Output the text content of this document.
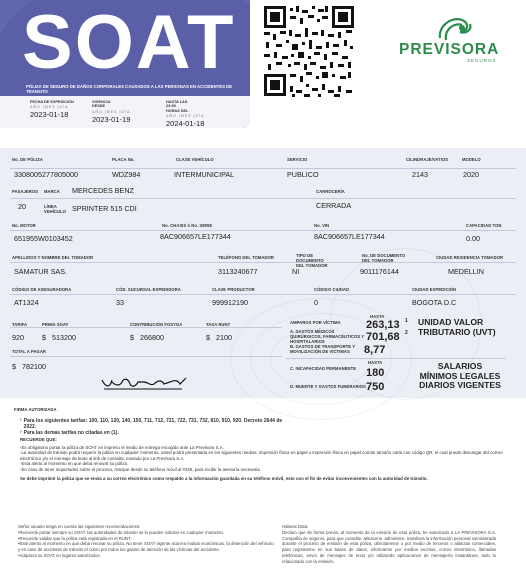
SOAT
PÓLIZA DE SEGURO DE DAÑOS CORPORALES CAUSADOS A LAS PERSONAS EN ACCIDENTES DE TRÁNSITO
FECHA DE EXPEDICIÓN
AÑO |MES |DÍA
2023-01-18
VIGENCIA DESDE
AÑO |MES |DÍA
2023-01-19
HASTA LAS 23:59 HORAS DEL
AÑO |MES |DÍA
2024-01-18
PREVISORA
SEGUROS
No. DE PÓLIZA
3308005277805000
PLACA No.
WDZ984
CLASE VEHÍCULO
INTERMUNICIPAL
SERVICIO
PUBLICO
CILINDRAJE/VATIOS
2143
MODELO
2020
PASAJEROS
20
MARCA MERCEDES BENZ
LÍNEA VEHÍCULO SPRINTER 515 CDI
CARROCERÍA
CERRADA
No. MOTOR
651955W0103452
No. CHASIS ó No. SERIE
8AC906657LE177344
No. VIN
8AC906657LE177344
CAPACIDAD TON
0.00
APELLIDOS Y NOMBRE DEL TOMADOR
SAMATUR SAS.
TELÉFONO DEL TOMADOR
3113240677
TIPO DE DOCUMENTO DEL TOMADOR
NI
No. DE DOCUMENTO DEL TOMADOR
9011176144
CIUDAD RESIDENCIA TOMADOR
MEDELLIN
CÓDIGO DE ASEGURADORA
AT1324
CÓD. SUCURSAL EXPEDIDORA
33
CLAVE PRODUCTOR
999912190
CÓDIGO CIUDAD
0
CIUDAD EXPEDICIÓN
BOGOTA D.C
TARIFA
920
PRIMA SOAT
$ 513200
CONTRIBUCIÓN FOSYGA
$ 266800
TASA RUNT
$ 2100
TOTAL A PAGAR
$ 782100
FIRMA AUTORIZADA
AMPAROS POR VÍCTIMA
HASTA
A. GASTOS MÉDICOS QUIRÚRGICOS, FARMACÉUTICOS Y HOSPITALARIOS
B. GASTOS DE TRANSPORTE Y MOVILIZACIÓN DE VÍCTIMAS
C. INCAPACIDAD PERMANENTE
D. MUERTE Y GASTOS FUNERARIOS
263,13 1
701,68 2
8,77
UNIDAD VALOR TRIBUTARIO (UVT)
HASTA
180
750
SALARIOS MÍNIMOS LEGALES DIARIOS VIGENTES
¹ Para los siguientes tarifas: 100, 110, 120, 140, 150, 711, 712, 721, 722, 731, 732, 810, 910, 920. Decreto 2644 de 2022.
² Para las demás tarifas no citadas en (1).
RECUERDE QUE:
-Es obligatorio portar la póliza de SOAT en impreso el medio de entrega escogido ante La Previsora S.A.
-La autoridad de tránsito podrá requerir la póliza en cualquier momento, usted podrá presentarla en los siguientes medios: impresión física en papel o impresión física en papel común tamaño carta con código QR; el cual puede descargar del correo electrónico y/o el mensaje de texto al link de consulta, enviado por La Previsora S.A.
-Esta alerta al momento en que deba renovar su póliza.
-En caso de tener inquietudes sobre el proceso, marque desde su teléfono móvil al #345, para recibir la asesoría necesaria.
Se debe imprimir la póliza que se envía a su correo electrónico como respaldo a la información guardada en su teléfono móvil, esto con el fin de evitar inconvenientes con la autoridad de tránsito.

Señor usuario tenga en cuenta las siguientes recomendaciones:

•Recuerde portar siempre su SOAT, las autoridades de tránsito se lo pueden solicitar en cualquier momento.

•Recuerde validar que la póliza está registrada en el RUNT.

•Esté atento al momento en que deba renovar su póliza. No tener SOAT vigente acarrea multas económicas, la detención del vehículo y en caso de accidente de tránsito el cobro por todos los gastos de atención de las víctimas del accidente.

•Adquiera su SOAT en lugares autorizados.

Habeas Data:

Declaro que de forma previa, al momento de la emisión de esta póliza, he autorizado a LA PREVISORA S.A. Compañía de seguros, para que consulte, almacene, administre, transfiera la información personal suministrada durante el proceso de emisión de esta póliza, directamente o por medio de terceros o alianzas comerciales, para registrarme en sus bases de datos, informarme por medios escritos, correo electrónico, llamadas telefónicas, envío de mensajes de texto y/o utilizando aplicaciones de mensajería instantánea, todo lo relacionado con la emisión,
